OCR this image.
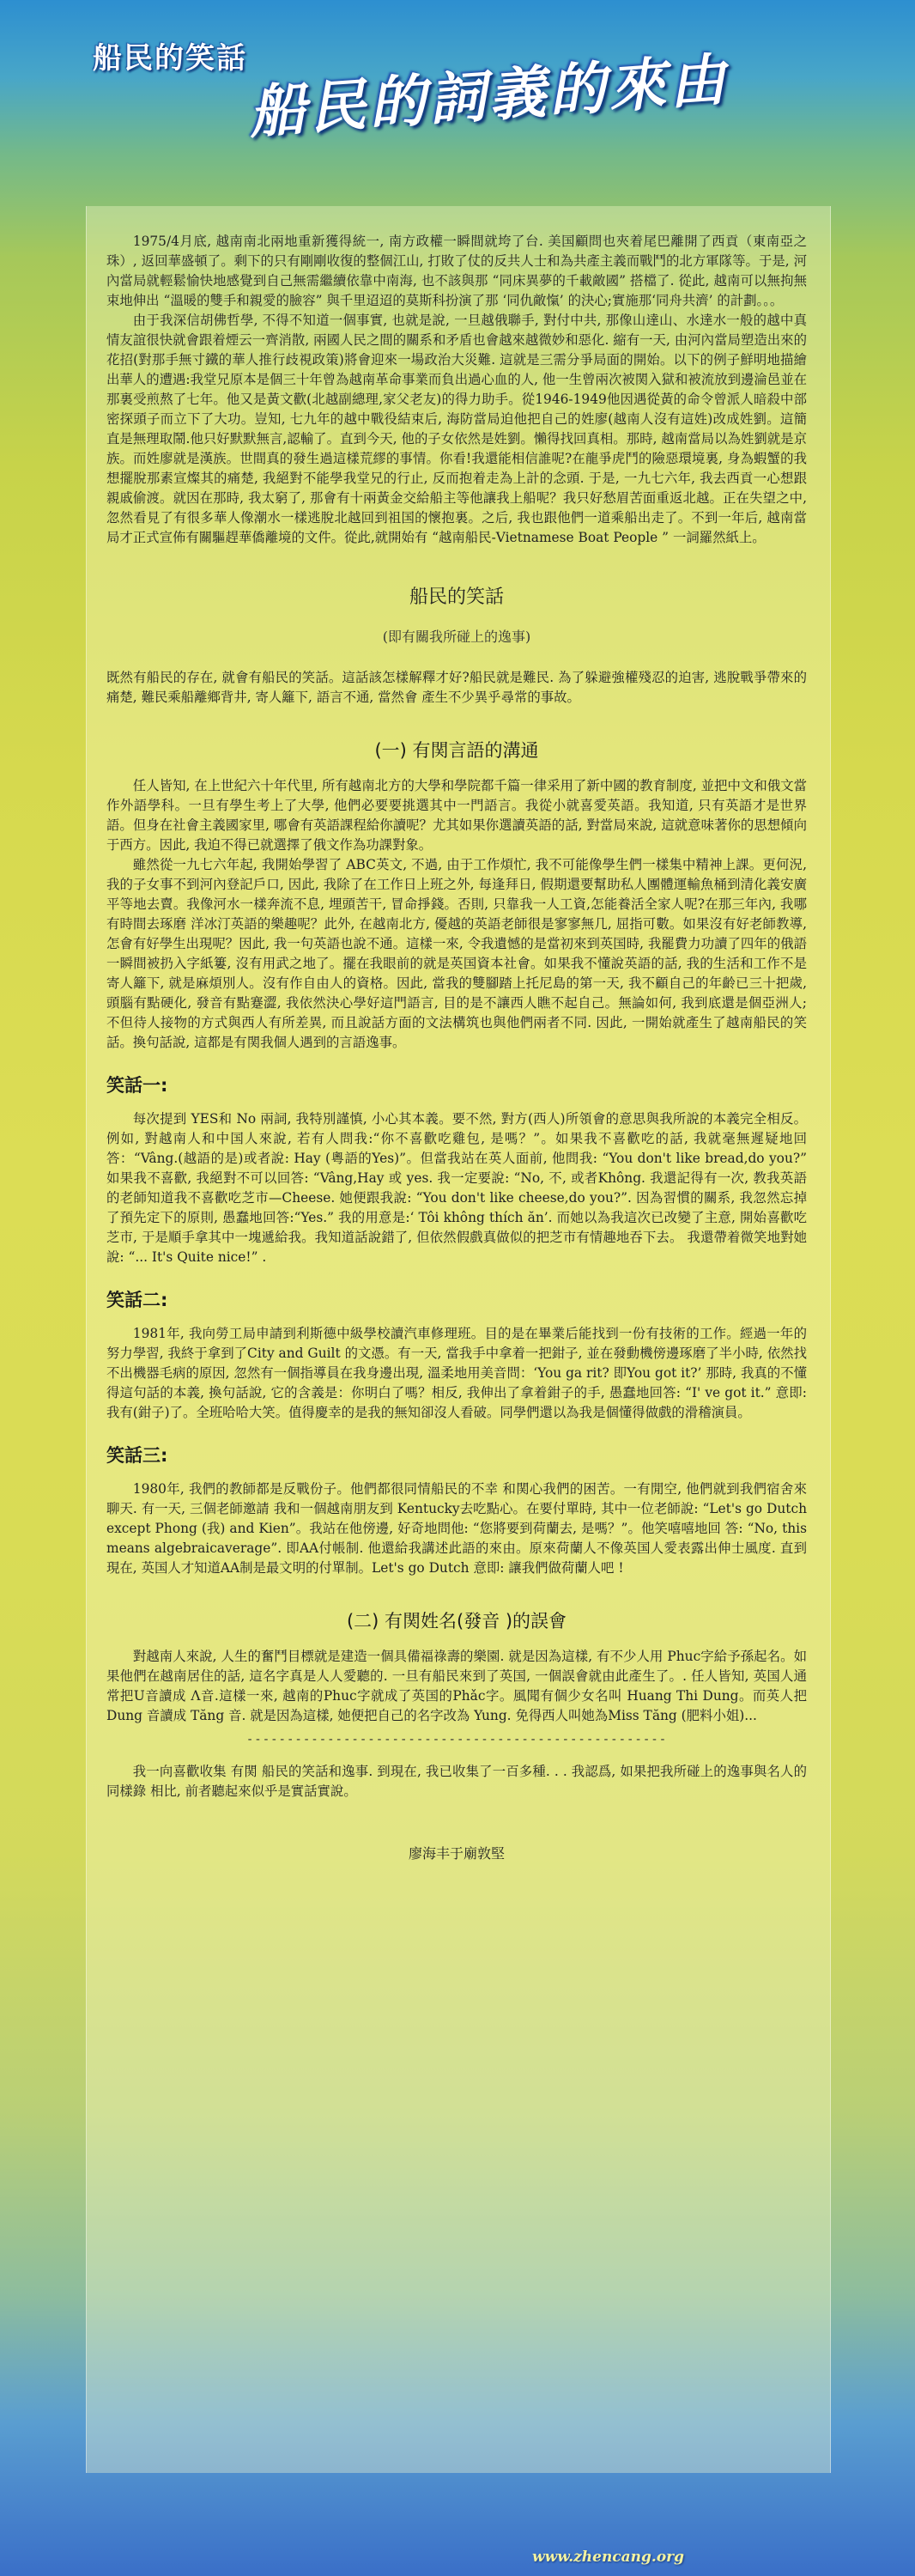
船民的笑話 船民的詞義的來由

1975/4月底, 越南南北兩地重新獲得統一, 南方政權一瞬間就垮了台. 美国顧問也夾着尾巴離開了西貢（東南亞之珠）, 返回華盛頓了。剩下的只有剛剛收復的整個江山, 打敗了仗的反共人士和為共產主義而戰鬥的北方軍隊等。于是, 河內當局就輕鬆愉快地感覺到自己無需繼續依靠中南海, 也不該與那 “同床異夢的千載敵國” 搭檔了. 從此, 越南可以無拘無束地伸出 “溫暖的雙手和親愛的臉容” 與千里迢迢的莫斯科扮演了那 ‘同仇敵愾’ 的決心;實施那‘同舟共濟’ 的計劃。。。

由于我深信胡佛哲學, 不得不知道一個事實, 也就是說, 一旦越俄聯手, 對付中共, 那像山達山、水達水一般的越中真情友誼很快就會跟着煙云一齊消散, 兩國人民之間的關系和矛盾也會越來越微妙和惡化. 縮有一天, 由河內當局塑造出來的花招(對那手無寸鐵的華人推行歧視政策)將會迎來一場政治大災難. 這就是三需分爭局面的開始。以下的例子鮮明地描繪出華人的遭遇:我堂兄原本是個三十年曾為越南革命事業而負出過心血的人, 他一生曾兩次被関入獄和被流放到邊淪邑並在那裏受煎熬了七年。他又是黃文歡(北越副總理,家父老友)的得力助手。從1946-1949他因遇從黃的命令曾派人暗殺中部密探頭子而立下了大功。豈知, 七九年的越中戰役結束后, 海防當局迫他把自己的姓廖(越南人沒有這姓)改成姓劉。這簡直是無理取鬧.他只好默默無言,認輸了。直到今天, 他的子女依然是姓劉。懶得找回真相。那時, 越南當局以為姓劉就是京族。而姓廖就是漢族。世間真的發生過這樣荒繆的事情。你看!我還能相信誰呢?在龍爭虎鬥的險惡環境裏, 身為蝦蟹的我想擺脫那素宣燦其的痛楚, 我絕對不能學我堂兄的行止, 反而抱着走為上計的念頭. 于是, 一九七六年, 我去西貢一心想跟親戚偷渡。就因在那時, 我太窮了, 那會有十兩黃金交給船主等他讓我上船呢？我只好愁眉苦面重返北越。正在失望之中, 忽然看見了有很多華人像潮水一樣逃脫北越回到祖国的懷抱裏。之后, 我也跟他們一道乘船出走了。不到一年后, 越南當局才正式宣佈有關驅趕華僑離境的文件。從此,就開始有 “越南船民-Vietnamese Boat People ” 一詞羅然紙上。

船民的笑話
(即有關我所碰上的逸事)

既然有船民的存在, 就會有船民的笑話。這話該怎樣解釋才好?船民就是難民. 為了躲避強權殘忍的迫害, 逃脫戰爭帶來的痛楚, 難民乘船離鄉背井, 寄人籬下, 語言不通, 當然會 產生不少異乎尋常的事故。

(一) 有関言語的溝通

任人皆知, 在上世紀六十年代里, 所有越南北方的大學和學院都千篇一律采用了新中國的教育制度, 並把中文和俄文當作外語學科。一旦有學生考上了大學, 他們必要要挑選其中一門語言。我從小就喜愛英語。我知道, 只有英語才是世界語。但身在社會主義國家里, 哪會有英語課程給你讀呢？尤其如果你選讀英語的話, 對當局來說, 這就意味著你的思想傾向于西方。因此, 我迫不得已就選擇了俄文作為功課對象。

雖然從一九七六年起, 我開始學習了 ABC英文, 不過, 由于工作煩忙, 我不可能像學生們一樣集中精神上課。更何況, 我的子女事不到河內登記戶口, 因此, 我除了在工作日上班之外, 每逢拜日, 假期還要幫助私人團體運輸魚桶到清化義安廣平等地去賣。我像河水一樣奔流不息, 埋頭苦干, 冒命掙錢。否則, 只靠我一人工資,怎能養活全家人呢?在那三年內, 我哪有時間去琢磨 洋冰汀英語的樂趣呢？此外, 在越南北方, 優越的英語老師很是寥寥無几, 屈指可數。如果沒有好老師教導, 怎會有好學生出現呢？因此, 我一句英語也說不通。這樣一來, 令我遺憾的是當初來到英国時, 我罷費力功讀了四年的俄語一瞬間被扔入字紙簍, 沒有用武之地了。擺在我眼前的就是英国資本社會。如果我不懂說英語的話, 我的生活和工作不是寄人籬下, 就是麻煩別人。沒有作自由人的資格。因此, 當我的雙腳踏上托尼島的第一天, 我不顧自己的年齡已三十把歲, 頭腦有點硬化, 發音有點蹇澀, 我依然決心學好這門語言, 目的是不讓西人瞧不起自己。無論如何, 我到底還是個亞洲人; 不但待人接物的方式與西人有所差異, 而且說話方面的文法構筑也與他們兩者不同. 因此, 一開始就產生了越南船民的笑話。換句話說, 這都是有関我個人遇到的言語逸事。

笑話一:

每次提到 YES和 No 兩詞, 我特別謹慎, 小心其本義。要不然, 對方(西人)所領會的意思與我所說的本義完全相反。例如, 對越南人和中国人來說, 若有人問我:“你不喜歡吃雞包, 是嗎？”。如果我不喜歡吃的話, 我就毫無遲疑地回答：“Vâng.(越語的是)或者說: Hay (粵語的Yes)”。但當我站在英人面前, 他問我: “You don't like bread,do you?” 如果我不喜歡, 我絕對不可以回答: “Vâng,Hay 或 yes. 我一定要說: “No, 不, 或者Không. 我還記得有一次, 教我英語的老師知道我不喜歡吃芝市—Cheese. 她便跟我說: “You don't like cheese,do you?”. 因為習慣的關系, 我忽然忘掉了預先定下的原則, 愚蠢地回答:“Yes.” 我的用意是:‘ Tôi không thích ăn’. 而她以為我這次已改變了主意, 開始喜歡吃芝市, 于是順手拿其中一塊遞給我。我知道話說錯了, 但依然假戲真做似的把芝市有情趣地吞下去。 我還帶着微笑地對她說: “... It's Quite nice!” .

笑話二:

1981年, 我向勞工局申請到利斯德中級學校讀汽車修理班。目的是在畢業后能找到一份有技術的工作。經過一年的努力學習, 我終于拿到了City and Guilt 的文憑。有一天, 當我手中拿着一把鉗子, 並在發動機傍邊琢磨了半小時, 依然找不出機器毛病的原因, 忽然有一個指導員在我身邊出現, 溫柔地用美音問：‘You ga rit? 即You got it?’ 那時, 我真的不懂得這句話的本義, 換句話說, 它的含義是：你明白了嗎？相反, 我伸出了拿着鉗子的手, 愚蠢地回答: “I' ve got it.” 意即: 我有(鉗子)了。全班哈哈大笑。值得慶幸的是我的無知卻沒人看破。同學們還以為我是個懂得做戲的滑稽演員。

笑話三:

1980年, 我們的教師都是反戰份子。他們都很同情船民的不幸 和関心我們的困苦。一有閒空, 他們就到我們宿舍來聊天. 有一天, 三個老師邀請 我和一個越南朋友到 Kentucky去吃點心。在要付單時, 其中一位老師說: “Let's go Dutch except Phong (我) and Kien”。我站在他傍邊, 好奇地問他: “您將要到荷蘭去, 是嗎？”。他笑嘻嘻地回 答: “No, this means algebraicaverage”. 即AA付帳制. 他還給我講述此語的來由。原來荷蘭人不像英国人愛表露出伸士風度. 直到現在, 英国人才知道AA制是最文明的付單制。Let's go Dutch 意即: 讓我們做荷蘭人吧 !

(二) 有関姓名(發音 )的誤會

對越南人來說, 人生的奮鬥目標就是建造一個具備福祿壽的樂園. 就是因為這樣, 有不少人用 Phuc字給予孫起名。如果他們在越南居住的話, 這名字真是人人愛聽的. 一旦有船民來到了英国, 一個誤會就由此產生了。. 任人皆知, 英国人通常把U音讀成 Λ音.這樣一來, 越南的Phuc字就成了英国的Phǎc字。風聞有個少女名叫 Huang Thi Dung。而英人把 Dung 音讀成 Tăng 音. 就是因為這樣, 她便把自己的名字改為 Yung. 免得西人叫她為Miss Tăng (肥料小姐)...

----------------------------------------------------

我一向喜歡收集 有関 船民的笑話和逸事. 到現在, 我已收集了一百多種. . . 我認爲, 如果把我所碰上的逸事與名人的同樣錄 相比, 前者聽起來似乎是實話實說。

廖海丰于廟敦堅
www.zhencang.org
